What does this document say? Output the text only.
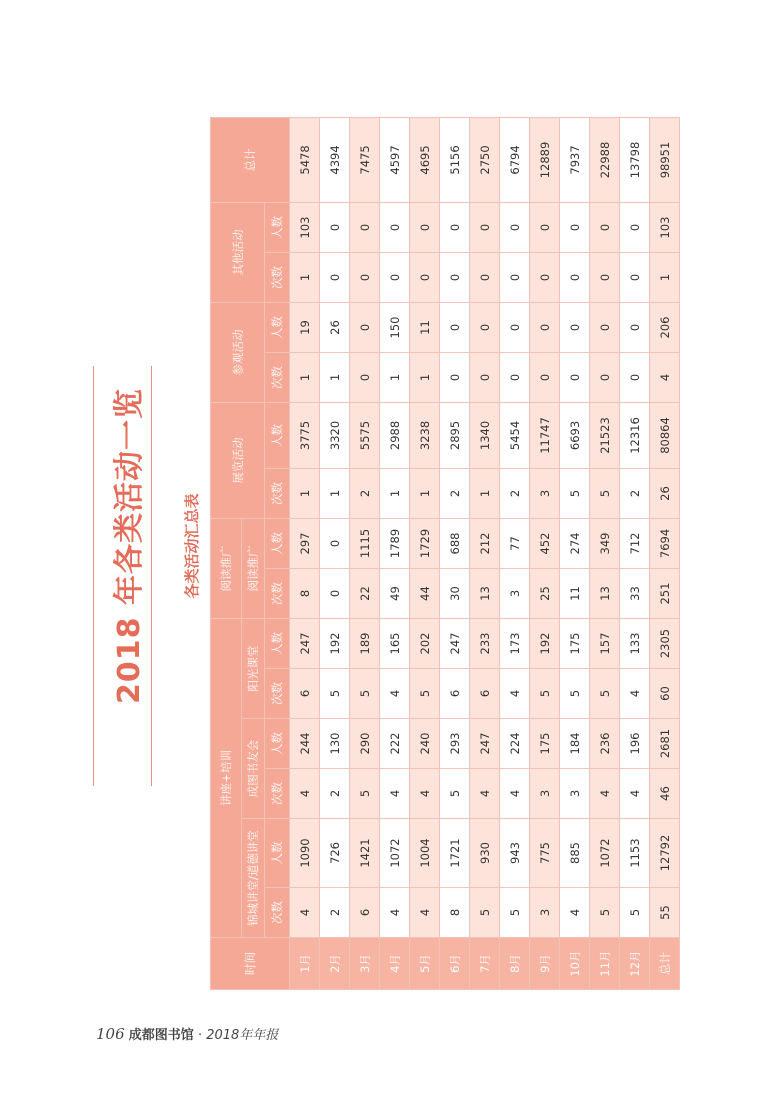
2018 年各类活动一览 各类活动汇总表
时间	讲座+培训						阅读推广		展览活动		参观活动		其他活动		总计
	锦城讲堂/道德讲堂		成图书友会		阳光课堂		阅读推广								
	次数	人数	次数	人数	次数	人数	次数	人数	次数	人数	次数	人数	次数	人数	
1月	4	1090	4	244	6	247	8	297	1	3775	1	19	1	103	5478
2月	2	726	2	130	5	192	0	0	1	3320	1	26	0	0	4394
3月	6	1421	5	290	5	189	22	1115	2	5575	0	0	0	0	7475
4月	4	1072	4	222	4	165	49	1789	1	2988	1	150	0	0	4597
5月	4	1004	4	240	5	202	44	1729	1	3238	1	11	0	0	4695
6月	8	1721	5	293	6	247	30	688	2	2895	0	0	0	0	5156
7月	5	930	4	247	6	233	13	212	1	1340	0	0	0	0	2750
8月	5	943	4	224	4	173	3	77	2	5454	0	0	0	0	6794
9月	3	775	3	175	5	192	25	452	3	11747	0	0	0	0	12889
10月	4	885	3	184	5	175	11	274	5	6693	0	0	0	0	7937
11月	5	1072	4	236	5	157	13	349	5	21523	0	0	0	0	22988
12月	5	1153	4	196	4	133	33	712	2	12316	0	0	0	0	13798
总计	55	12792	46	2681	60	2305	251	7694	26	80864	4	206	1	103	98951
106 成都图书馆 · 2018年年报
